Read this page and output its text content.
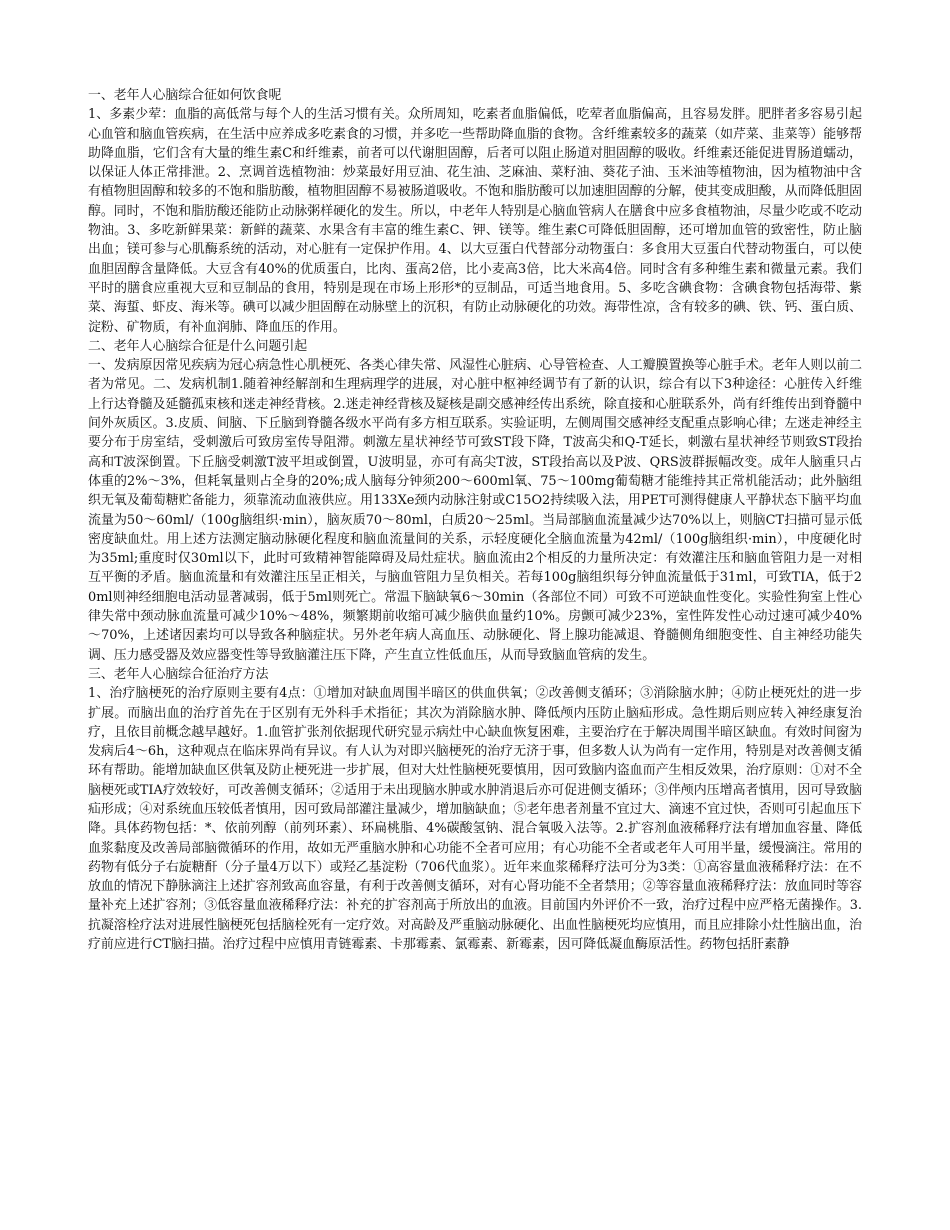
一、老年人心脑综合征如何饮食呢

1、多素少荤：血脂的高低常与每个人的生活习惯有关。众所周知，吃素者血脂偏低，吃荤者血脂偏高，且容易发胖。肥胖者多容易引起心血管和脑血管疾病，在生活中应养成多吃素食的习惯，并多吃一些帮助降血脂的食物。含纤维素较多的蔬菜（如芹菜、韭菜等）能够帮助降血脂，它们含有大量的维生素C和纤维素，前者可以代谢胆固醇，后者可以阻止肠道对胆固醇的吸收。纤维素还能促进胃肠道蠕动，以保证人体正常排泄。2、烹调首选植物油：炒菜最好用豆油、花生油、芝麻油、菜籽油、葵花子油、玉米油等植物油，因为植物油中含有植物胆固醇和较多的不饱和脂肪酸，植物胆固醇不易被肠道吸收。不饱和脂肪酸可以加速胆固醇的分解，使其变成胆酸，从而降低胆固醇。同时，不饱和脂肪酸还能防止动脉粥样硬化的发生。所以，中老年人特别是心脑血管病人在膳食中应多食植物油，尽量少吃或不吃动物油。3、多吃新鲜果菜：新鲜的蔬菜、水果含有丰富的维生素C、钾、镁等。维生素C可降低胆固醇，还可增加血管的致密性，防止脑出血；镁可参与心肌酶系统的活动，对心脏有一定保护作用。4、以大豆蛋白代替部分动物蛋白：多食用大豆蛋白代替动物蛋白，可以使血胆固醇含量降低。大豆含有40%的优质蛋白，比肉、蛋高2倍，比小麦高3倍，比大米高4倍。同时含有多种维生素和微量元素。我们平时的膳食应重视大豆和豆制品的食用，特别是现在市场上形形*的豆制品，可适当地食用。5、多吃含碘食物：含碘食物包括海带、紫菜、海蜇、虾皮、海米等。碘可以减少胆固醇在动脉壁上的沉积，有防止动脉硬化的功效。海带性凉，含有较多的碘、铁、钙、蛋白质、淀粉、矿物质，有补血润肺、降血压的作用。

二、老年人心脑综合征是什么问题引起

一、发病原因常见疾病为冠心病急性心肌梗死、各类心律失常、风湿性心脏病、心导管检查、人工瓣膜置换等心脏手术。老年人则以前二者为常见。二、发病机制1.随着神经解剖和生理病理学的进展，对心脏中枢神经调节有了新的认识，综合有以下3种途径：心脏传入纤维上行达脊髓及延髓孤束核和迷走神经背核。2.迷走神经背核及疑核是副交感神经传出系统，除直接和心脏联系外，尚有纤维传出到脊髓中间外灰质区。3.皮质、间脑、下丘脑到脊髓各级水平尚有多方相互联系。实验证明，左侧周围交感神经支配重点影响心律；左迷走神经主要分布于房室结，受刺激后可致房室传导阻滞。刺激左星状神经节可致ST段下降，T波高尖和Q-T延长，刺激右星状神经节则致ST段抬高和T波深倒置。下丘脑受刺激T波平坦或倒置，U波明显，亦可有高尖T波，ST段抬高以及P波、QRS波群振幅改变。成年人脑重只占体重的2%～3%，但耗氧量则占全身的20%;成人脑每分钟须200～600ml氧、75～100mg葡萄糖才能维持其正常机能活动；此外脑组织无氧及葡萄糖贮备能力，须靠流动血液供应。用133Xe颈内动脉注射或C15O2持续吸入法，用PET可测得健康人平静状态下脑平均血流量为50～60ml/（100g脑组织·min），脑灰质70～80ml，白质20～25ml。当局部脑血流量减少达70%以上，则脑CT扫描可显示低密度缺血灶。用上述方法测定脑动脉硬化程度和脑血流量间的关系，示轻度硬化全脑血流量为42ml/（100g脑组织·min），中度硬化时为35ml;重度时仅30ml以下，此时可致精神智能障碍及局灶症状。脑血流由2个相反的力量所决定：有效灌注压和脑血管阻力是一对相互平衡的矛盾。脑血流量和有效灌注压呈正相关，与脑血管阻力呈负相关。若每100g脑组织每分钟血流量低于31ml，可致TIA，低于20ml则神经细胞电活动显著减弱，低于5ml则死亡。常温下脑缺氧6～30min（各部位不同）可致不可逆缺血性变化。实验性狗室上性心律失常中颈动脉血流量可减少10%～48%，频繁期前收缩可减少脑供血量约10%。房颤可减少23%，室性阵发性心动过速可减少40%～70%，上述诸因素均可以导致各种脑症状。另外老年病人高血压、动脉硬化、肾上腺功能减退、脊髓侧角细胞变性、自主神经功能失调、压力感受器及效应器变性等导致脑灌注压下降，产生直立性低血压，从而导致脑血管病的发生。

三、老年人心脑综合征治疗方法

1、治疗脑梗死的治疗原则主要有4点：①增加对缺血周围半暗区的供血供氧；②改善侧支循环；③消除脑水肿；④防止梗死灶的进一步扩展。而脑出血的治疗首先在于区别有无外科手术指征；其次为消除脑水肿、降低颅内压防止脑疝形成。急性期后则应转入神经康复治疗，且依目前概念越早越好。1.血管扩张剂依据现代研究显示病灶中心缺血恢复困难，主要治疗在于解决周围半暗区缺血。有效时间窗为发病后4～6h，这种观点在临床界尚有异议。有人认为对即兴脑梗死的治疗无济于事，但多数人认为尚有一定作用，特别是对改善侧支循环有帮助。能增加缺血区供氧及防止梗死进一步扩展，但对大灶性脑梗死要慎用，因可致脑内盗血而产生相反效果，治疗原则：①对不全脑梗死或TIA疗效较好，可改善侧支循环；②适用于未出现脑水肿或水肿消退后亦可促进侧支循环；③伴颅内压增高者慎用，因可导致脑疝形成；④对系统血压较低者慎用，因可致局部灌注量减少，增加脑缺血；⑤老年患者剂量不宜过大、滴速不宜过快，否则可引起血压下降。具体药物包括：*、依前列醇（前列环素）、环扁桃脂、4%碳酸氢钠、混合氧吸入法等。2.扩容剂血液稀释疗法有增加血容量、降低血浆黏度及改善局部脑微循环的作用，故如无严重脑水肿和心功能不全者可应用；有心功能不全者或老年人可用半量，缓慢滴注。常用的药物有低分子右旋糖酐（分子量4万以下）或羟乙基淀粉（706代血浆）。近年来血浆稀释疗法可分为3类：①高容量血液稀释疗法：在不放血的情况下静脉滴注上述扩容剂致高血容量，有利于改善侧支循环，对有心肾功能不全者禁用；②等容量血液稀释疗法：放血同时等容量补充上述扩容剂；③低容量血液稀释疗法：补充的扩容剂高于所放出的血液。目前国内外评价不一致，治疗过程中应严格无菌操作。3.抗凝溶栓疗法对进展性脑梗死包括脑栓死有一定疗效。对高龄及严重脑动脉硬化、出血性脑梗死均应慎用，而且应排除小灶性脑出血，治疗前应进行CT脑扫描。治疗过程中应慎用青链霉素、卡那霉素、氯霉素、新霉素，因可降低凝血酶原活性。药物包括肝素静
